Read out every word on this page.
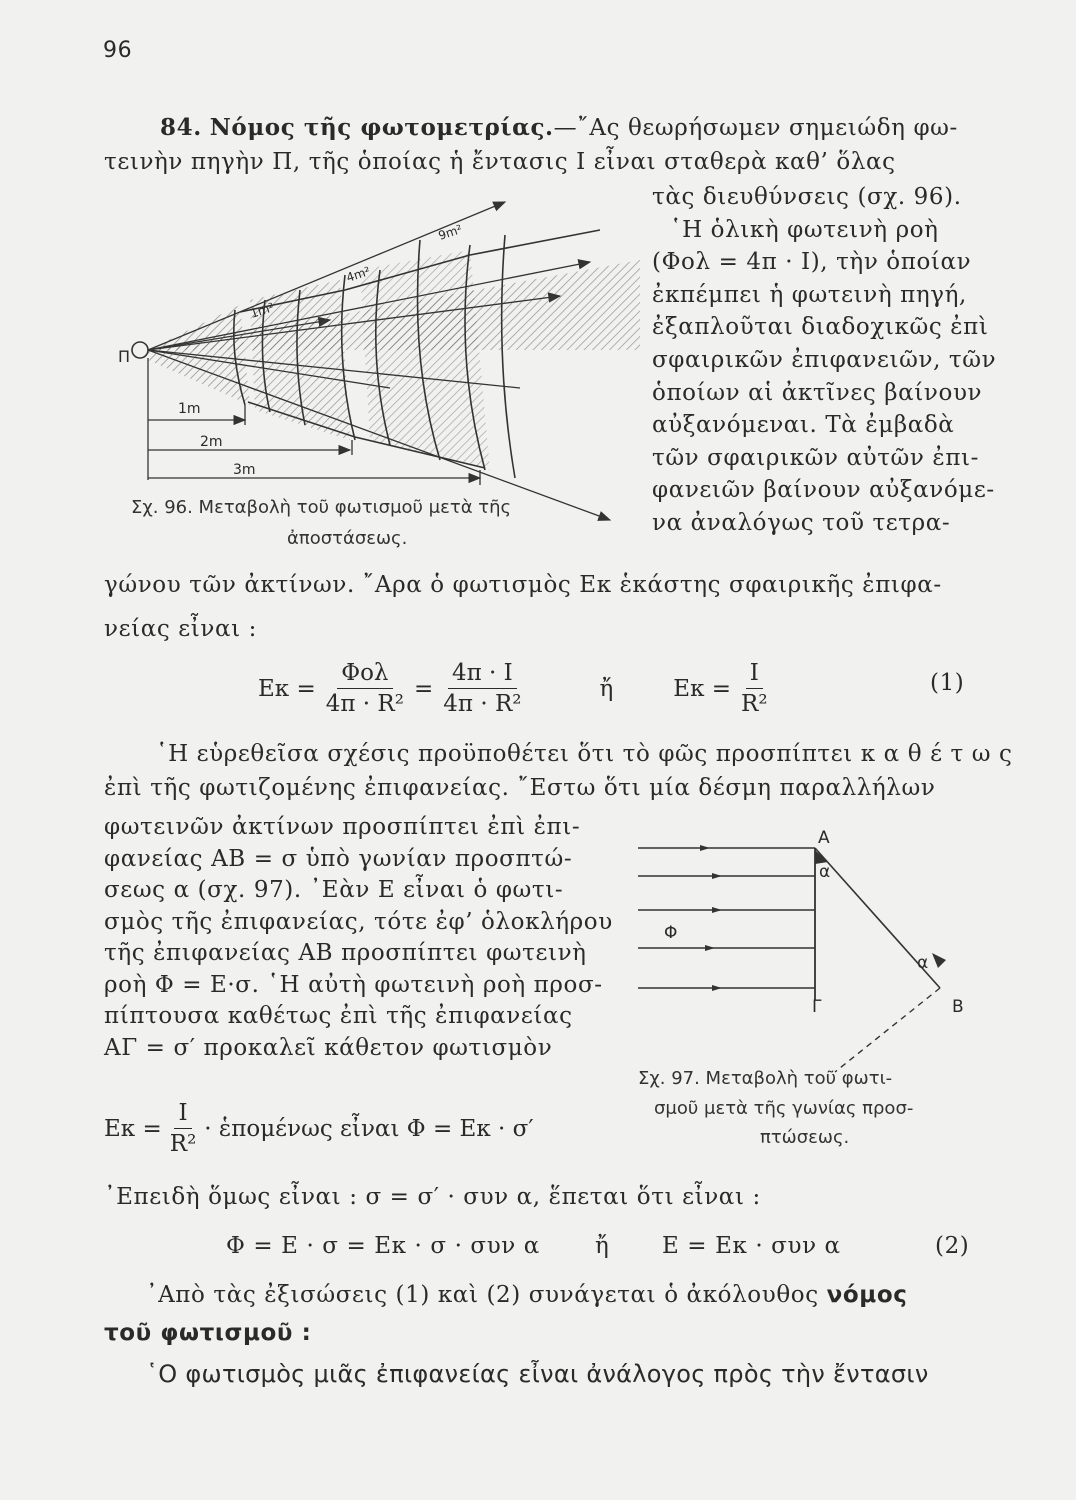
96
84. Νόμος τῆς φωτομετρίας.—῎Ας θεωρήσωμεν σημειώδη φω-
τεινὴν πηγὴν Π, τῆς ὁποίας ἡ ἔντασις I εἶναι σταθερὰ καθ’ ὅλας
τὰς διευθύνσεις (σχ. 96).
῾Η ὁλικὴ φωτεινὴ ροὴ
(Φολ = 4π · I), τὴν ὁποίαν
ἐκπέμπει ἡ φωτεινὴ πηγή,
ἐξαπλοῦται διαδοχικῶς ἐπὶ
σφαιρικῶν ἐπιφανειῶν, τῶν
ὁποίων αἱ ἀκτῖνες βαίνουν
αὐξανόμεναι. Τὰ ἐμβαδὰ
τῶν σφαιρικῶν αὐτῶν ἐπι-
φανειῶν βαίνουν αὐξανόμε-
να ἀναλόγως τοῦ τετρα-
Π
1m
2m
3m
1m²
4m²
9m²
Σχ. 96. Μεταβολὴ τοῦ φωτισμοῦ μετὰ τῆς
ἀποστάσεως.
γώνου τῶν ἀκτίνων. ῎Αρα ὁ φωτισμὸς Εκ ἑκάστης σφαιρικῆς ἐπιφα-
νείας εἶναι :
$E\kappa = \frac{\text{Φολ}}{\text{4π · R²}} = \frac{4\pi \cdot I}{\text{4π · R²}}$	ἤ	$E\kappa = \frac{I}{\text{R²}}$	(1)
῾Η εὑρεθεῖσα σχέσις προϋποθέτει ὅτι τὸ φῶς προσπίπτει κ α θ έ τ ω ς
ἐπὶ τῆς φωτιζομένης ἐπιφανείας. ῎Εστω ὅτι μία δέσμη παραλλήλων
φωτεινῶν ἀκτίνων προσπίπτει ἐπὶ ἐπι-
φανείας ΑΒ = σ ὑπὸ γωνίαν προσπτώ-
σεως α (σχ. 97). ᾿Εὰν Ε εἶναι ὁ φωτι-
σμὸς τῆς ἐπιφανείας, τότε ἐφ’ ὁλοκλήρου
τῆς ἐπιφανείας ΑΒ προσπίπτει φωτεινὴ
ροὴ Φ = Ε·σ. ῾Η αὐτὴ φωτεινὴ ροὴ προσ-
πίπτουσα καθέτως ἐπὶ τῆς ἐπιφανείας
ΑΓ = σ′ προκαλεῖ κάθετον φωτισμὸν
$E\kappa = \frac{I}{\text{R²}}$ · ἑπομένως εἶναι Φ = Εκ · σ′
A
α
α
Φ
Γ	B
Σχ. 97. Μεταβολὴ τοῦ φωτι-
σμοῦ μετὰ τῆς γωνίας προσ-
πτώσεως.
᾿Επειδὴ ὅμως εἶναι : σ = σ′ · συν α, ἕπεται ὅτι εἶναι :
Φ = Ε · σ = Εκ · σ · συν α ἤ Ε = Εκ · συν α	(2)
᾿Απὸ τὰς ἐξισώσεις (1) καὶ (2) συνάγεται ὁ ἀκόλουθος νόμος
τοῦ φωτισμοῦ :
῾Ο φωτισμὸς μιᾶς ἐπιφανείας εἶναι ἀνάλογος πρὸς τὴν ἔντασιν
